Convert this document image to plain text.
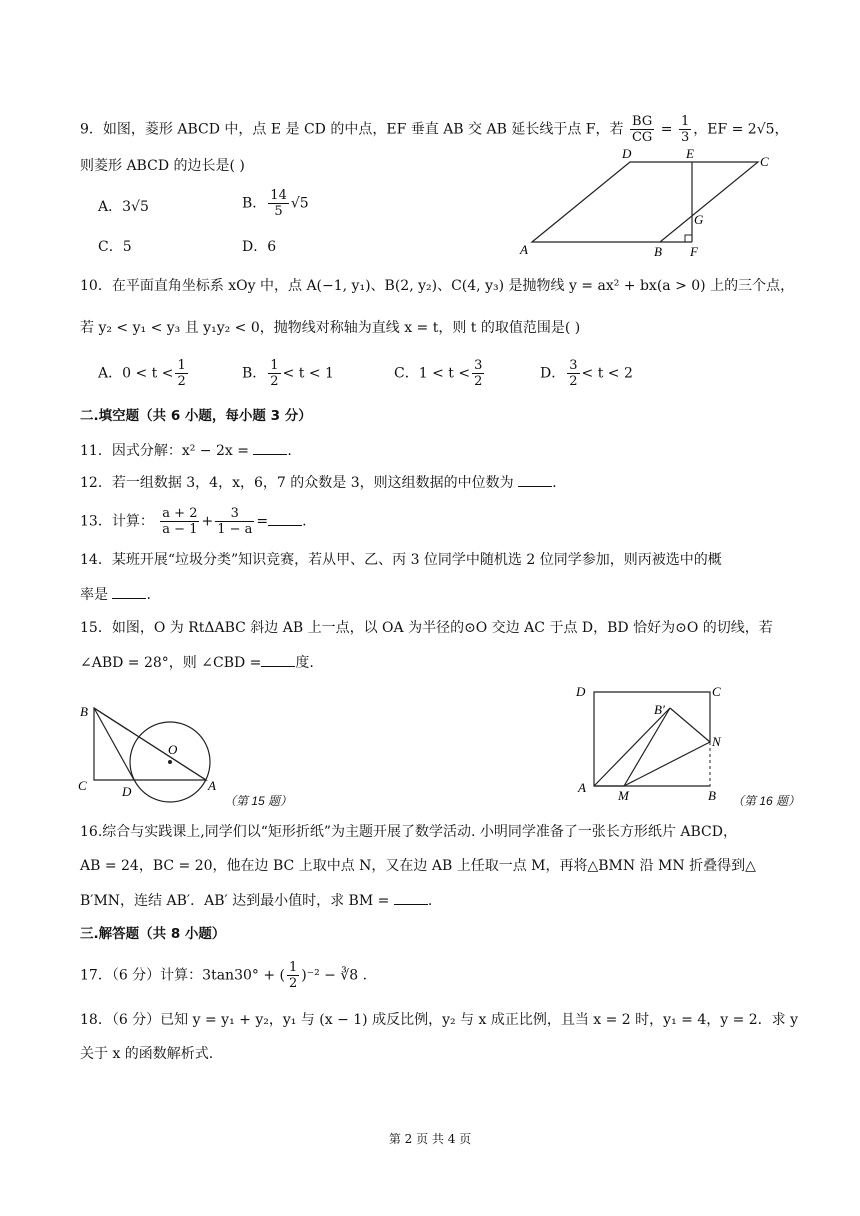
9．如图，菱形 ABCD 中，点 E 是 CD 的中点，EF 垂直 AB 交 AB 延长线于点 F，若 $\frac{BG}{CG} = \frac{1}{3}$ ，EF = 2√5，
则菱形 ABCD 的边长是( )
A．3√5	B． $\frac{14}{5} √5$
C．5	D．6	A	B
C
D	E
F
G
10．在平面直角坐标系 xOy 中，点 A(−1, y₁)、B(2, y₂)、C(4, y₃) 是抛物线 y = ax² + bx(a > 0) 上的三个点，
若 y₂ < y₁ < y₃ 且 y₁y₂ < 0，抛物线对称轴为直线 x = t，则 t 的取值范围是( )
A．$0 < t < \frac{1}{2}$	B． $\frac{1}{2} < t < 1$	C．$1 < t < \frac{3}{2}$	D． $\frac{3}{2} < t < 2$
二.填空题（共 6 小题，每小题 3 分）
11．因式分解：x² − 2x =	.
12．若一组数据 3，4，x，6，7 的众数是 3，则这组数据的中位数为	.
13．计算： $\frac{a + 2}{a - 1} + \frac{3}{1 - a}$ = .
14．某班开展“垃圾分类”知识竞赛，若从甲、乙、丙 3 位同学中随机选 2 位同学参加，则丙被选中的概
率是	.
15．如图，O 为 RtΔABC 斜边 AB 上一点，以 OA 为半径的⊙O 交边 AC 于点 D，BD 恰好为⊙O 的切线，若
∠ABD = 28°，则 ∠CBD = 度.
B
C	D	A
O
（第 15 题）
D	C
B′
N
A
M	B （第 16 题）
16.综合与实践课上,同学们以“矩形折纸”为主题开展了数学活动. 小明同学准备了一张长方形纸片 ABCD，
AB = 24，BC = 20，他在边 BC 上取中点 N，又在边 AB 上任取一点 M，再将△BMN 沿 MN 折叠得到△
B′MN，连结 AB′．AB′ 达到最小值时，求 BM =	.
三.解答题（共 8 小题）
17．（6 分）计算：3tan30° + ( $\frac{1}{2} )^{-2}$ − ∛8 .
18．（6 分）已知 y = y₁ + y₂，y₁ 与 (x − 1) 成反比例，y₂ 与 x 成正比例，且当 x = 2 时，y₁ = 4，y = 2．求 y
关于 x 的函数解析式.
第 2 页 共 4 页
